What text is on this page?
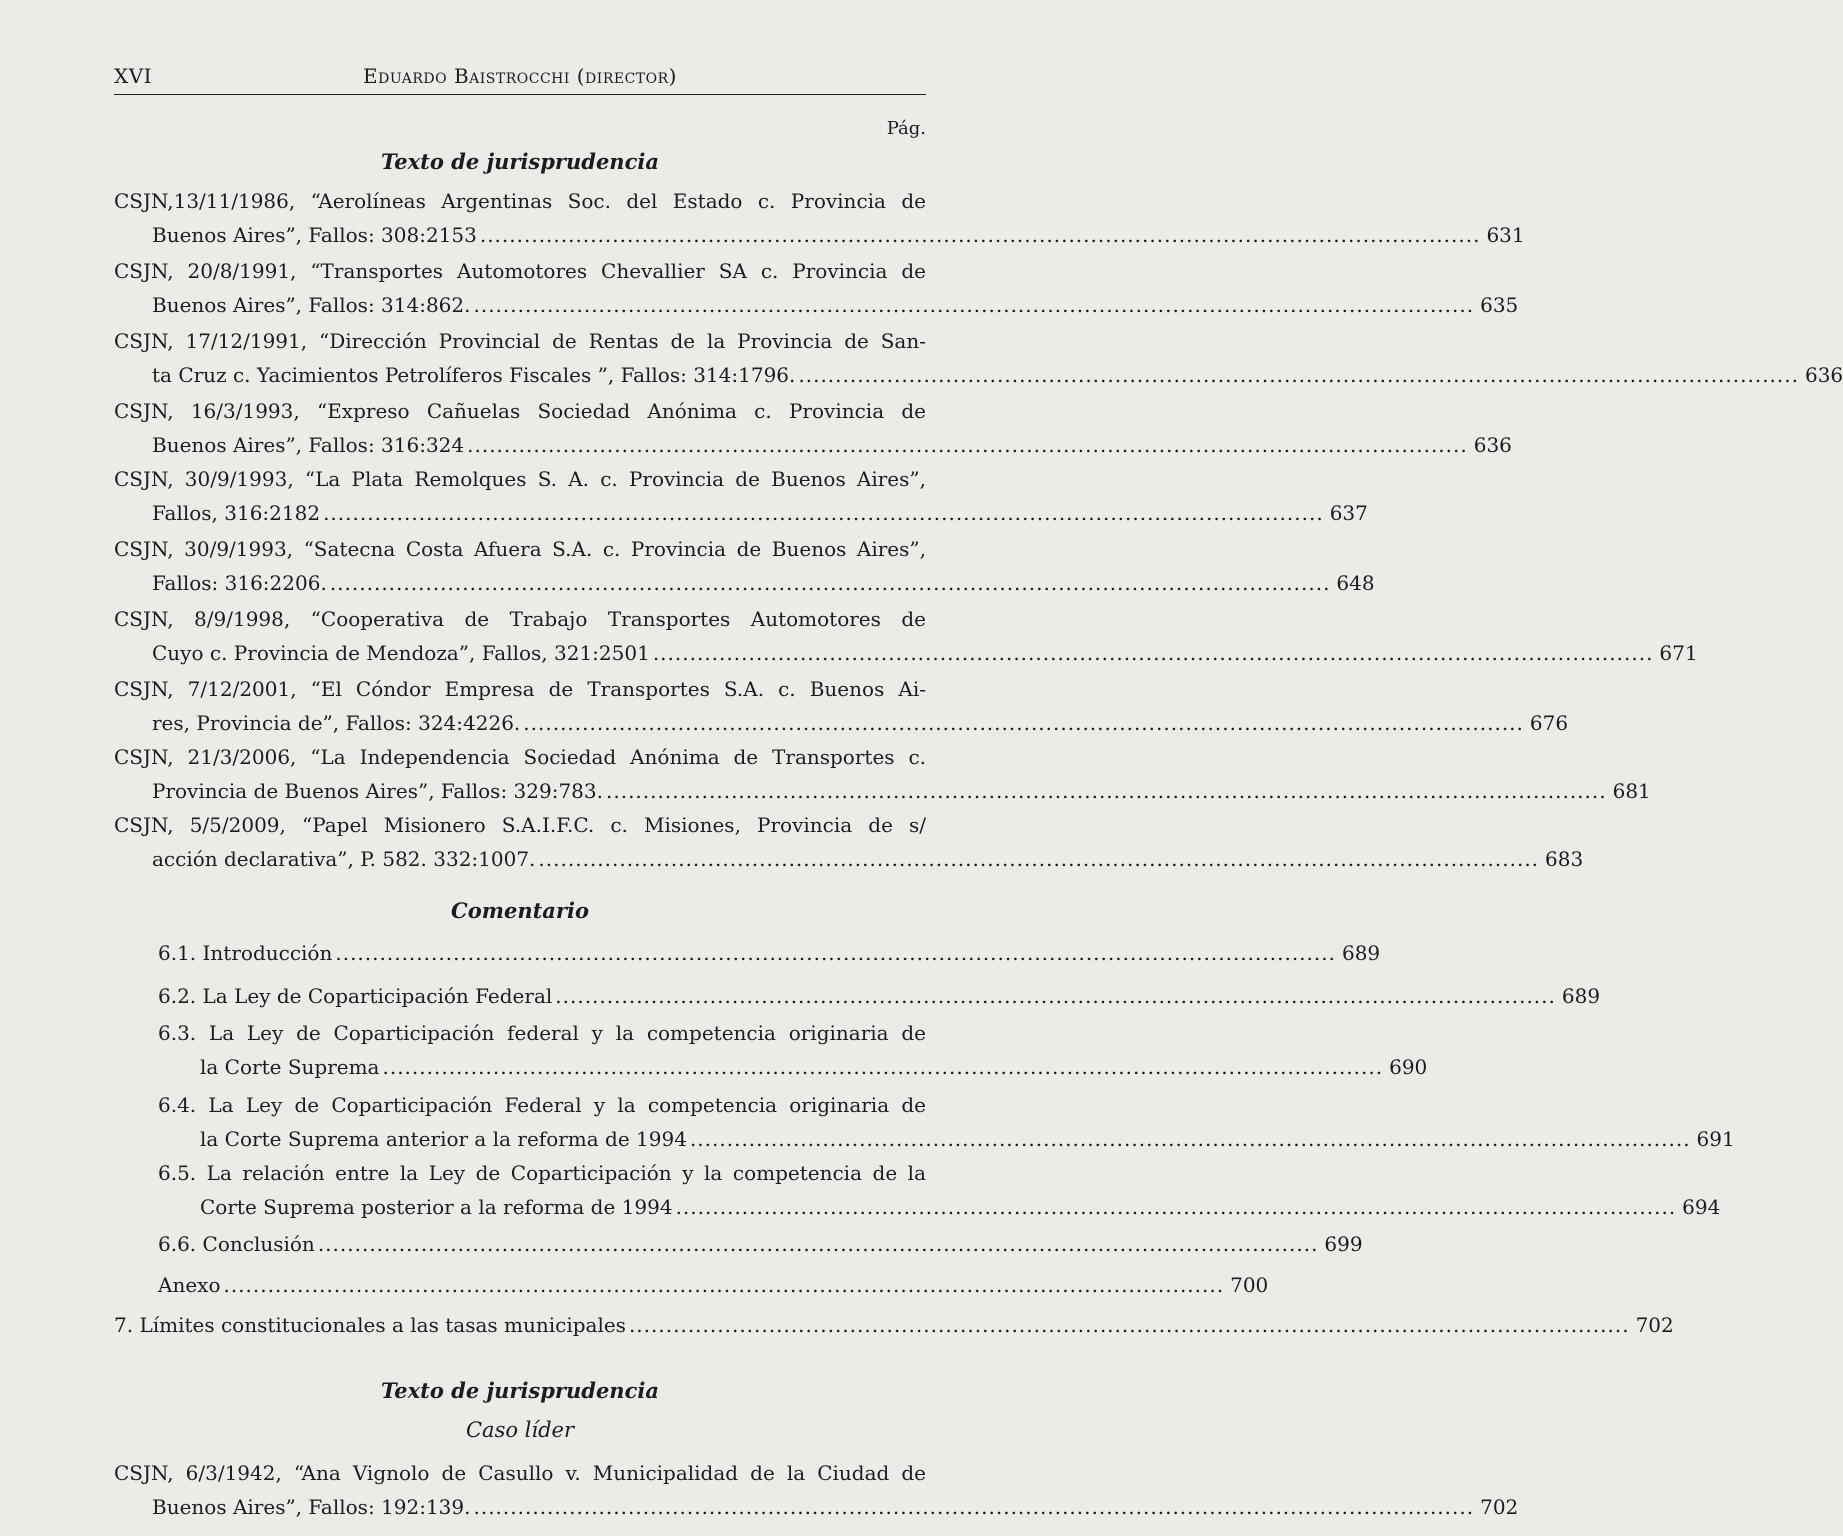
XVI	Eduardo Baistrocchi (director)
Pág.
Texto de jurisprudencia
CSJN,13/11/1986, “Aerolíneas Argentinas Soc. del Estado c. Provincia de
Buenos Aires”, Fallos: 308:2153 ........................................................................................................................................ 631
CSJN, 20/8/1991, “Transportes Automotores Chevallier SA c. Provincia de
Buenos Aires”, Fallos: 314:862. ........................................................................................................................................ 635
CSJN, 17/12/1991, “Dirección Provincial de Rentas de la Provincia de San-
ta Cruz c. Yacimientos Petrolíferos Fiscales ”, Fallos: 314:1796. ........................................................................................................................................ 636
CSJN, 16/3/1993, “Expreso Cañuelas Sociedad Anónima c. Provincia de
Buenos Aires”, Fallos: 316:324 ........................................................................................................................................ 636
CSJN, 30/9/1993, “La Plata Remolques S. A. c. Provincia de Buenos Aires”,
Fallos, 316:2182 ........................................................................................................................................ 637
CSJN, 30/9/1993, “Satecna Costa Afuera S.A. c. Provincia de Buenos Aires”,
Fallos: 316:2206. ........................................................................................................................................ 648
CSJN, 8/9/1998, “Cooperativa de Trabajo Transportes Automotores de
Cuyo c. Provincia de Mendoza”, Fallos, 321:2501 ........................................................................................................................................ 671
CSJN, 7/12/2001, “El Cóndor Empresa de Transportes S.A. c. Buenos Ai-
res, Provincia de”, Fallos: 324:4226. ........................................................................................................................................ 676
CSJN, 21/3/2006, “La Independencia Sociedad Anónima de Transportes c.
Provincia de Buenos Aires”, Fallos: 329:783. ........................................................................................................................................ 681
CSJN, 5/5/2009, “Papel Misionero S.A.I.F.C. c. Misiones, Provincia de s/
acción declarativa”, P. 582. 332:1007. ........................................................................................................................................ 683
Comentario
6.1. Introducción ........................................................................................................................................ 689
6.2. La Ley de Coparticipación Federal ........................................................................................................................................ 689
6.3. La Ley de Coparticipación federal y la competencia originaria de
la Corte Suprema ........................................................................................................................................ 690
6.4. La Ley de Coparticipación Federal y la competencia originaria de
la Corte Suprema anterior a la reforma de 1994 ........................................................................................................................................ 691
6.5. La relación entre la Ley de Coparticipación y la competencia de la
Corte Suprema posterior a la reforma de 1994 ........................................................................................................................................ 694
6.6. Conclusión ........................................................................................................................................ 699
Anexo ........................................................................................................................................ 700
7. Límites constitucionales a las tasas municipales ........................................................................................................................................ 702
Texto de jurisprudencia
Caso líder
CSJN, 6/3/1942, “Ana Vignolo de Casullo v. Municipalidad de la Ciudad de
Buenos Aires”, Fallos: 192:139. ........................................................................................................................................ 702
